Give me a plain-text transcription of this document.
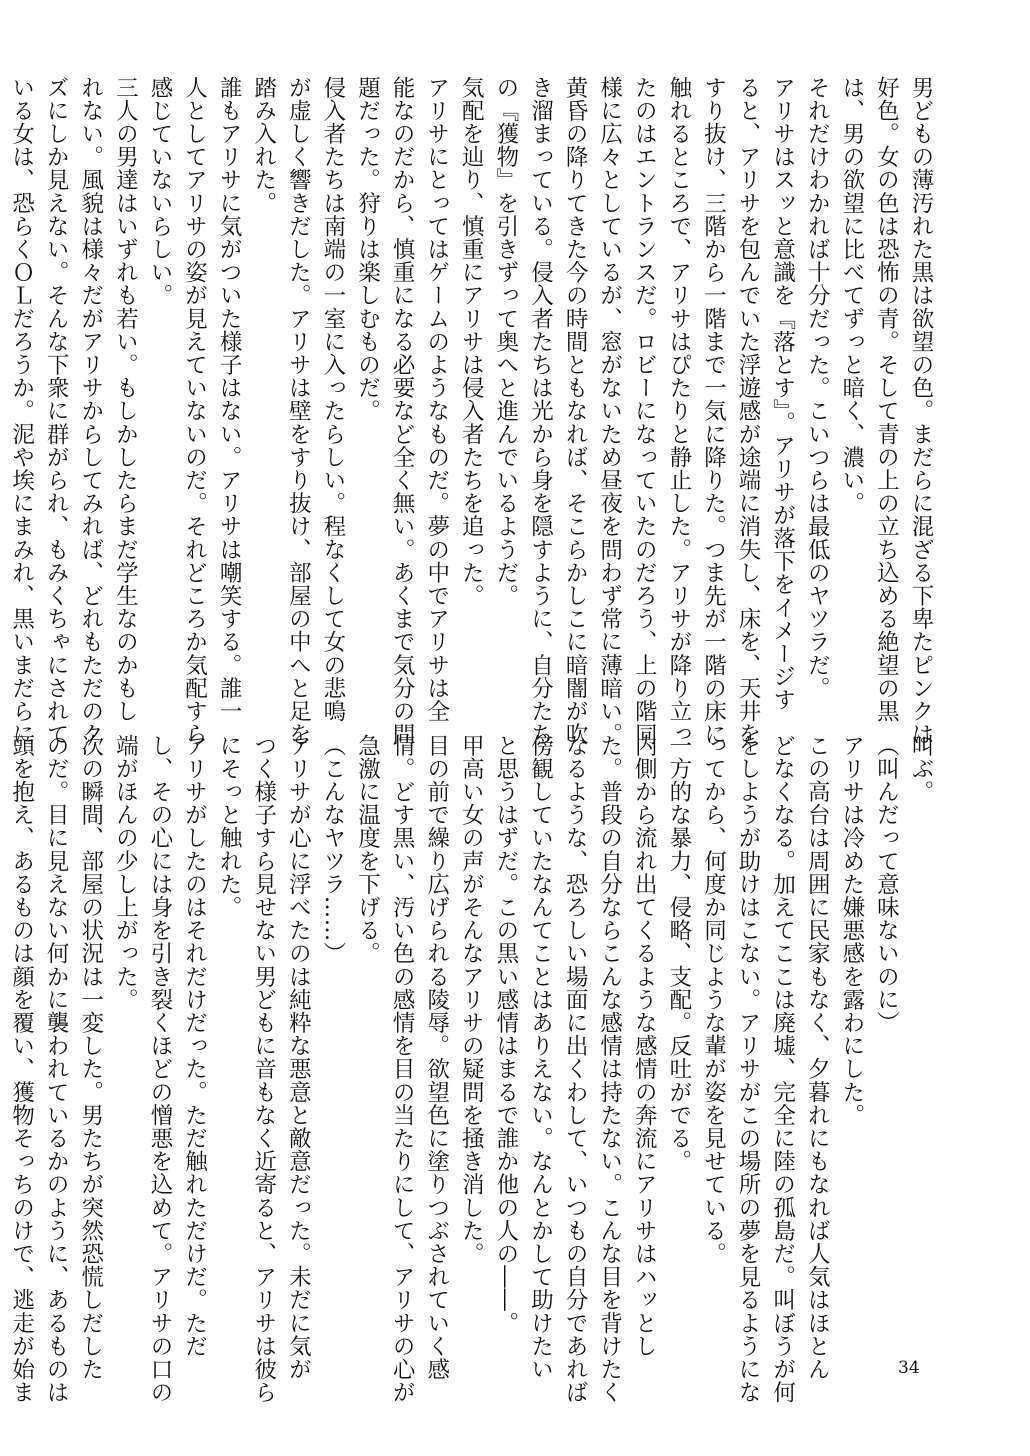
男どもの薄汚れた黒は欲望の色。まだらに混ざる下卑たピンクは

好色。女の色は恐怖の青。そして青の上の立ち込める絶望の黒

は、男の欲望に比べてずっと暗く、濃い。

それだけわかれば十分だった。こいつらは最低のヤツラだ。

アリサはスッと意識を『落とす』。アリサが落下をイメージす

ると、アリサを包んでいた浮遊感が途端に消失し、床を、天井を

すり抜け、三階から一階まで一気に降りた。つま先が一階の床に

触れるところで、アリサはぴたりと静止した。アリサが降り立っ

たのはエントランスだ。ロビーになっていたのだろう、上の階同

様に広々としているが、窓がないため昼夜を問わず常に薄暗い。

黄昏の降りてきた今の時間ともなれば、そこらかしこに暗闇が吹

き溜まっている。侵入者たちは光から身を隠すように、自分たち

の『獲物』を引きずって奥へと進んでいるようだ。

気配を辿り、慎重にアリサは侵入者たちを追った。

アリサにとってはゲームのようなものだ。夢の中でアリサは全

能なのだから、慎重になる必要など全く無い。あくまで気分の問

題だった。狩りは楽しむものだ。

侵入者たちは南端の一室に入ったらしい。程なくして女の悲鳴

が虚しく響きだした。アリサは壁をすり抜け、部屋の中へと足を

踏み入れた。

誰もアリサに気がついた様子はない。アリサは嘲笑する。誰一

人としてアリサの姿が見えていないのだ。それどころか気配すら

感じていないらしい。

三人の男達はいずれも若い。もしかしたらまだ学生なのかもし

れない。風貌は様々だがアリサからしてみれば、どれもただのク

ズにしか見えない。そんな下衆に群がられ、もみくちゃにされて

いる女は、恐らくＯＬだろうか。泥や埃にまみれ、黒いまだらに

叫ぶ。

（叫んだって意味ないのに）

アリサは冷めた嫌悪感を露わにした。

この高台は周囲に民家もなく、夕暮れにもなれば人気はほとん

どなくなる。加えてここは廃墟、完全に陸の孤島だ。叫ぼうが何

をしようが助けはこない。アリサがこの場所の夢を見るようにな

ってから、何度か同じような輩が姿を見せている。

一方的な暴力、侵略、支配。反吐がでる。

内側から流れ出てくるような感情の奔流にアリサはハッとし

た。普段の自分ならこんな感情は持たない。こんな目を背けたく

なるような、恐ろしい場面に出くわして、いつもの自分であれば

傍観していたなんてことはありえない。なんとかして助けたい

と思うはずだ。この黒い感情はまるで誰か他の人の――。

甲高い女の声がそんなアリサの疑問を掻き消した。

目の前で繰り広げられる陵辱。欲望色に塗りつぶされていく感

情。どす黒い、汚い色の感情を目の当たりにして、アリサの心が

急激に温度を下げる。

（こんなヤツラ……）

アリサが心に浮べたのは純粋な悪意と敵意だった。未だに気が

つく様子すら見せない男どもに音もなく近寄ると、アリサは彼ら

にそっと触れた。

アリサがしたのはそれだけだった。ただ触れただけだ。ただ

し、その心には身を引き裂くほどの憎悪を込めて。アリサの口の

端がほんの少し上がった。

次の瞬間、部屋の状況は一変した。男たちが突然恐慌しだした

のだ。目に見えない何かに襲われているかのように、あるものは

頭を抱え、あるものは顔を覆い、獲物そっちのけで、逃走が始ま	34
